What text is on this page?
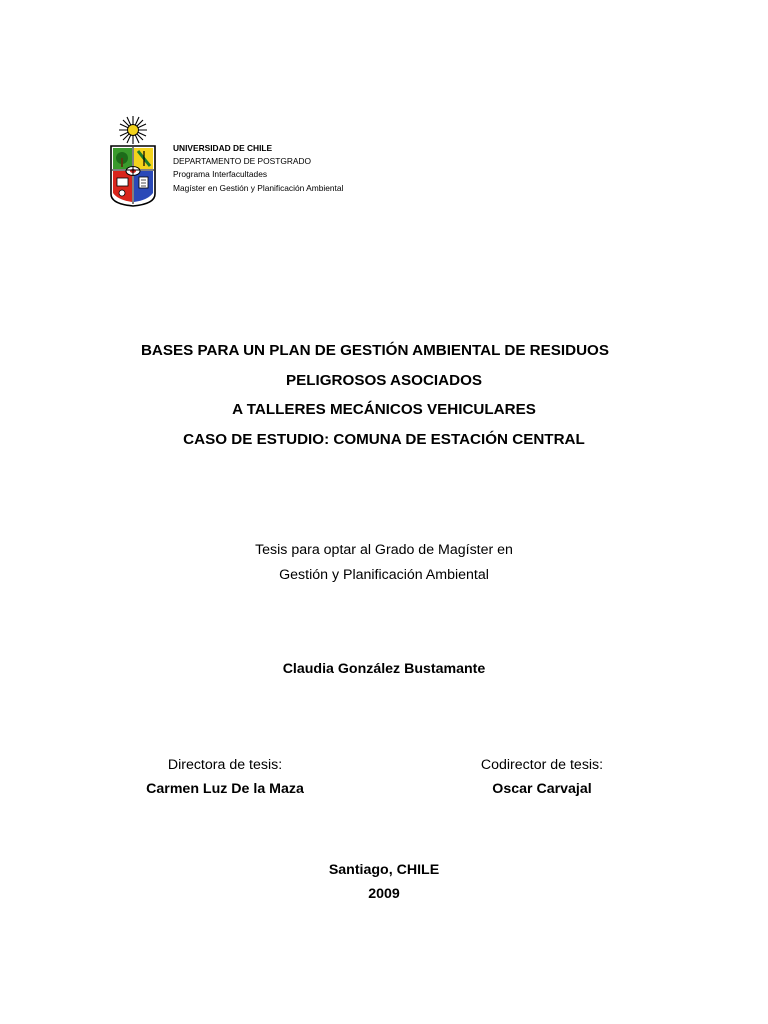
UNIVERSIDAD DE CHILE
DEPARTAMENTO DE POSTGRADO
Programa Interfacultades
Magíster en Gestión y Planificación Ambiental
BASES PARA UN PLAN DE GESTIÓN AMBIENTAL DE RESIDUOS
PELIGROSOS ASOCIADOS
A TALLERES MECÁNICOS VEHICULARES
CASO DE ESTUDIO: COMUNA DE ESTACIÓN CENTRAL
Tesis para optar al Grado de Magíster en
Gestión y Planificación Ambiental
Claudia González Bustamante
Directora de tesis:
Carmen Luz De la Maza
Codirector de tesis:
Oscar Carvajal
Santiago, CHILE
2009
